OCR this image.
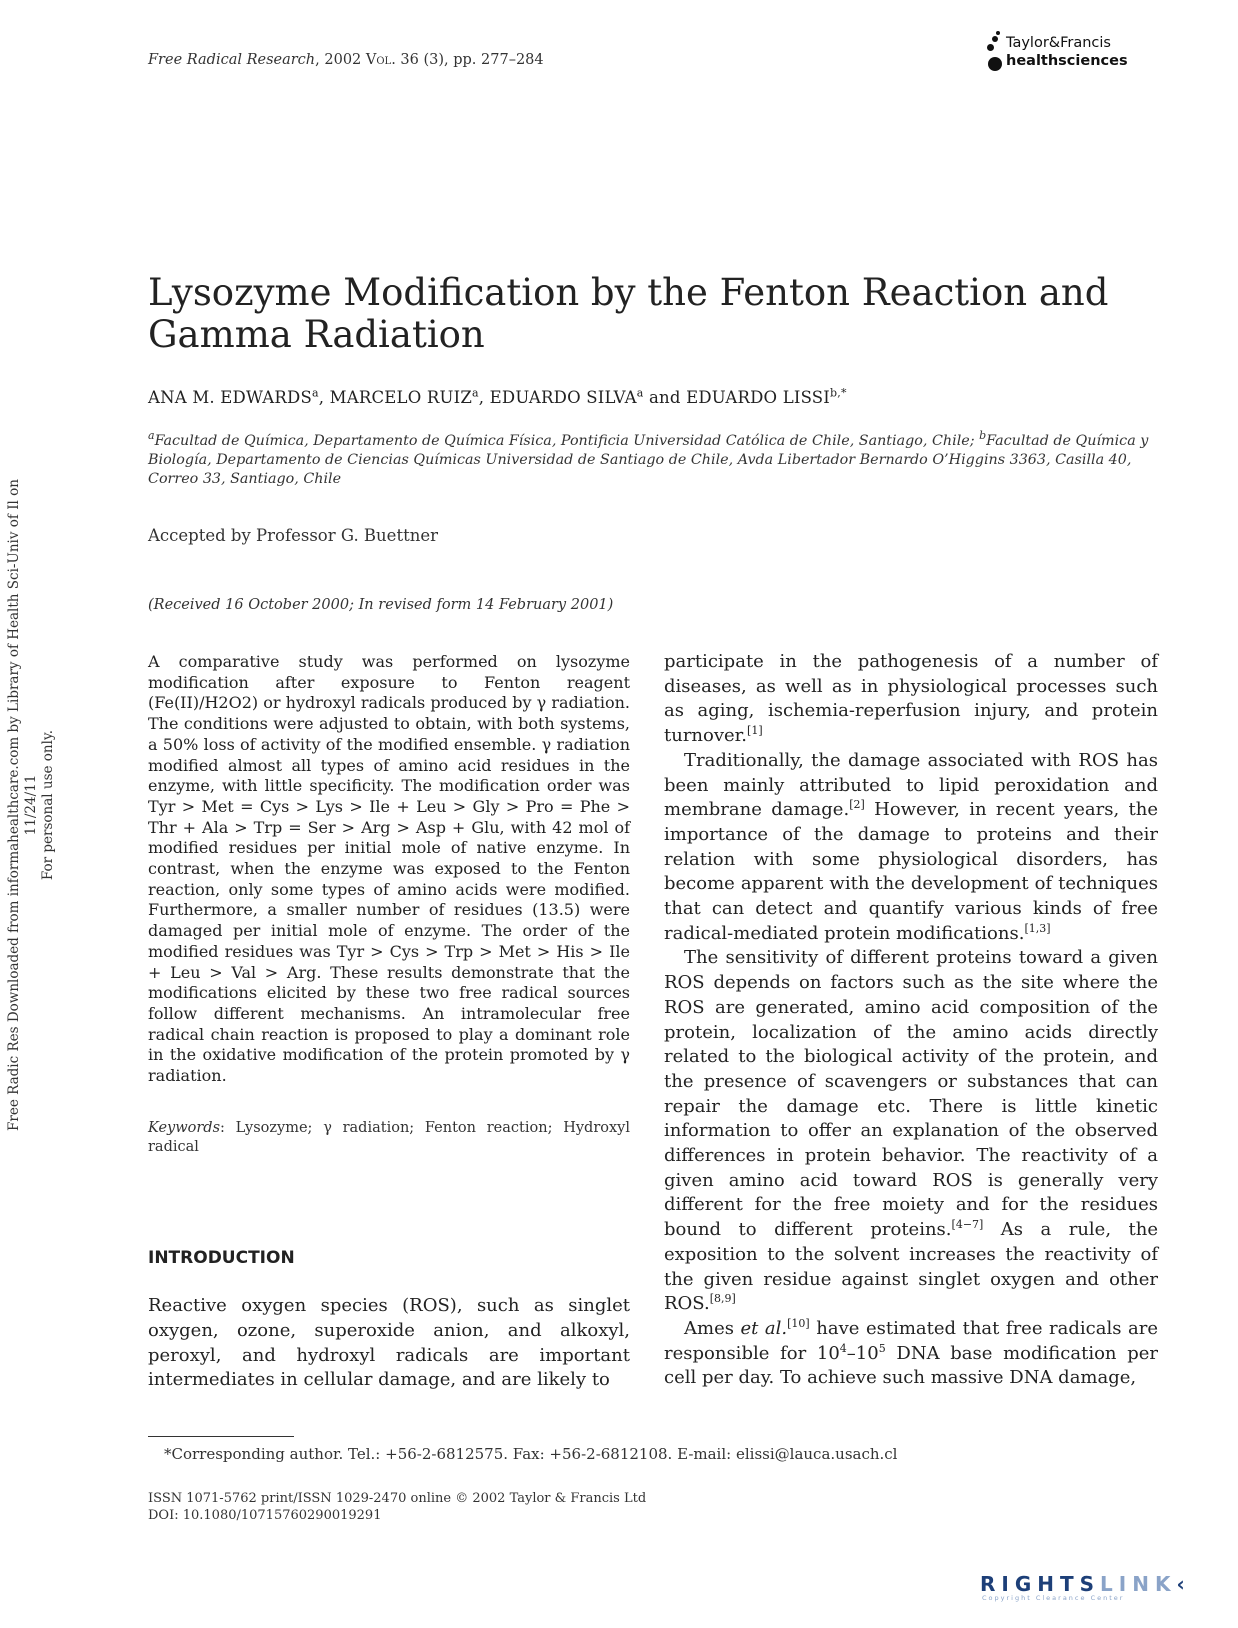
Free Radical Research, 2002 Vol. 36 (3), pp. 277–284
Taylor&Francis
healthsciences
Lysozyme Modification by the Fenton Reaction and Gamma Radiation
ANA M. EDWARDS$^a$, MARCELO RUIZ$^a$, EDUARDO SILVA$^a$ and EDUARDO $LISSI^{b,*}$
$^a$Facultad de Química, Departamento de Química Física, Pontificia Universidad Católica de Chile, Santiago, Chile; $^b$Facultad de Química y Biología, Departamento de Ciencias Químicas Universidad de Santiago de Chile, Avda Libertador Bernardo O’Higgins 3363, Casilla 40, Correo 33, Santiago, Chile
Accepted by Professor G. Buettner
(Received 16 October 2000; In revised form 14 February 2001)
A comparative study was performed on lysozyme modification after exposure to Fenton reagent (Fe(II)/H2O2) or hydroxyl radicals produced by γ radiation. The conditions were adjusted to obtain, with both systems, a 50% loss of activity of the modified ensemble. γ radiation modified almost all types of amino acid residues in the enzyme, with little specificity. The modification order was Tyr > Met = Cys > Lys > Ile + Leu > Gly > Pro = Phe > Thr + Ala > Trp = Ser > Arg > Asp + Glu, with 42 mol of modified residues per initial mole of native enzyme. In contrast, when the enzyme was exposed to the Fenton reaction, only some types of amino acids were modified. Furthermore, a smaller number of residues (13.5) were damaged per initial mole of enzyme. The order of the modified residues was Tyr > Cys > Trp > Met > His > Ile + Leu > Val > Arg. These results demonstrate that the modifications elicited by these two free radical sources follow different mechanisms. An intramolecular free radical chain reaction is proposed to play a dominant role in the oxidative modification of the protein promoted by γ radiation.
Keywords: Lysozyme; γ radiation; Fenton reaction; Hydroxyl radical
INTRODUCTION
Reactive oxygen species (ROS), such as singlet oxygen, ozone, superoxide anion, and alkoxyl, peroxyl, and hydroxyl radicals are important intermediates in cellular damage, and are likely to

participate in the pathogenesis of a number of diseases, as well as in physiological processes such as aging, ischemia-reperfusion injury, and protein turnover.[1]

Traditionally, the damage associated with ROS has been mainly attributed to lipid peroxidation and membrane damage.[2] However, in recent years, the importance of the damage to proteins and their relation with some physiological disorders, has become apparent with the development of techniques that can detect and quantify various kinds of free radical-mediated protein modifications.[1,3]

The sensitivity of different proteins toward a given ROS depends on factors such as the site where the ROS are generated, amino acid composition of the protein, localization of the amino acids directly related to the biological activity of the protein, and the presence of scavengers or substances that can repair the damage etc. There is little kinetic information to offer an explanation of the observed differences in protein behavior. The reactivity of a given amino acid toward ROS is generally very different for the free moiety and for the residues bound to different proteins.[4−7] As a rule, the exposition to the solvent increases the reactivity of the given residue against singlet oxygen and other ROS.[8,9]

Ames et al.[10] have estimated that free radicals are responsible for $10^4-10^5$ DNA base modification per cell per day. To achieve such massive DNA damage,

*Corresponding author. Tel.: +56-2-6812575. Fax: +56-2-6812108. E-mail: elissi@lauca.usach.cl
ISSN 1071-5762 print/ISSN 1029-2470 online © 2002 Taylor & Francis Ltd
DOI: 10.1080/10715760290019291
Free Radic Res Downloaded from informahealthcare.com by Library of Health Sci-Univ of Il on 11/24/11 For personal use only.
RIGHTSLINK‹
Copyright Clearance Center
